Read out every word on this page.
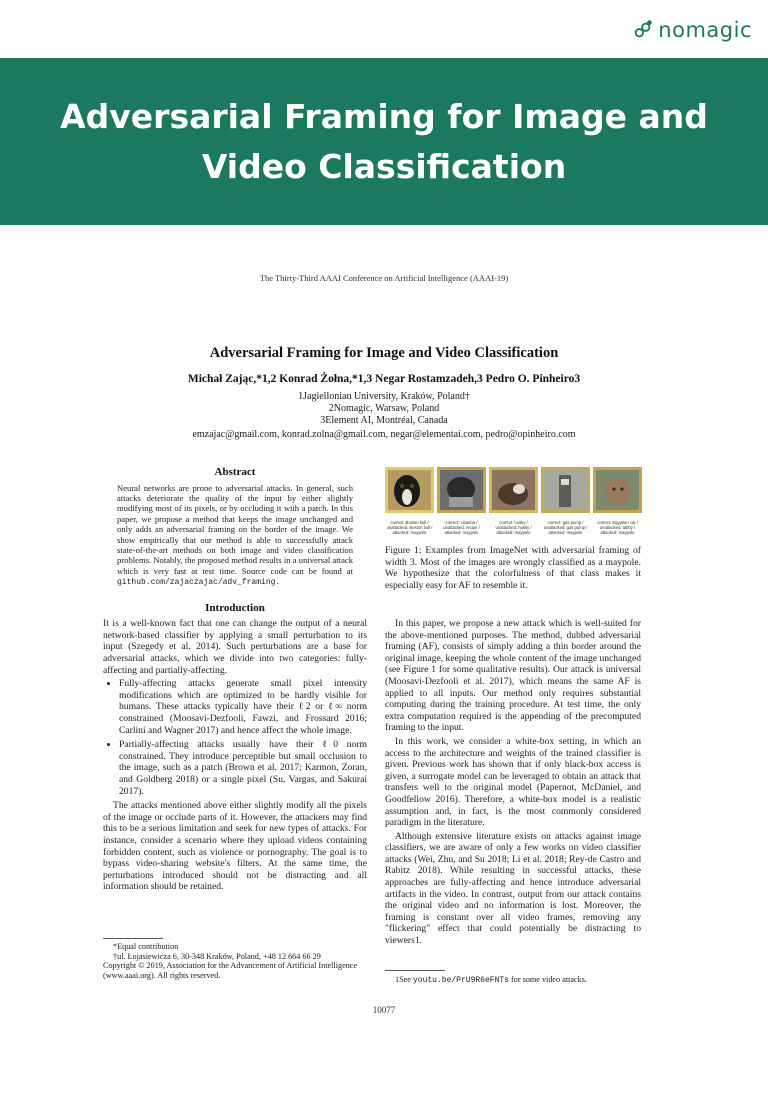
nomagic
Adversarial Framing for Image and Video Classification
The Thirty-Third AAAI Conference on Artificial Intelligence (AAAI-19)
Adversarial Framing for Image and Video Classification
Michał Zając,*1,2 Konrad Żołna,*1,3 Negar Rostamzadeh,3 Pedro O. Pinheiro3
1Jagiellonian University, Kraków, Poland†
2Nomagic, Warsaw, Poland
3Element AI, Montréal, Canada
emzajac@gmail.com, konrad.zolna@gmail.com, negar@elementai.com, pedro@opinheiro.com
Abstract
Neural networks are prone to adversarial attacks. In general, such attacks deteriorate the quality of the input by either slightly modifying most of its pixels, or by occluding it with a patch. In this paper, we propose a method that keeps the image unchanged and only adds an adversarial framing on the border of the image. We show empirically that our method is able to successfully attack state-of-the-art methods on both image and video classification problems. Notably, the proposed method results in a universal attack which is very fast at test time. Source code can be found at github.com/zajaczajac/adv_framing.
Introduction

It is a well-known fact that one can change the output of a neural network-based classifier by applying a small perturbation to its input (Szegedy et al. 2014). Such perturbations are a base for adversarial attacks, which we divide into two categories: fully-affecting and partially-affecting.

• Fully-affecting attacks generate small pixel intensity modifications which are optimized to be hardly visible for humans. These attacks typically have their ℓ2 or ℓ∞ norm constrained (Moosavi-Dezfooli, Fawzi, and Frossard 2016; Carlini and Wagner 2017) and hence affect the whole image.
• Partially-affecting attacks usually have their ℓ0 norm constrained. They introduce perceptible but small occlusion to the image, such as a patch (Brown et al. 2017; Karmon, Zoran, and Goldberg 2018) or a single pixel (Su, Vargas, and Sakurai 2017).

The attacks mentioned above either slightly modify all the pixels of the image or occlude parts of it. However, the attackers may find this to be a serious limitation and seek for new types of attacks. For instance, consider a scenario where they upload videos containing forbidden content, such as violence or pornography. The goal is to bypass video-sharing website's filters. At the same time, the perturbations introduced should not be distracting and all information should be retained.

*Equal contribution
†ul. Łojasiewicza 6, 30-348 Kraków, Poland, +48 12 664 66 29
Copyright © 2019, Association for the Advancement of Artificial Intelligence (www.aaai.org). All rights reserved.
correct: Boston bull / unattacked: Boston bull / attacked: maypole
correct: vicarina / unattacked: recipe / attacked: maypole
correct: husky / unattacked: husky / attacked: maypole
correct: gas pump / unattacked: gas pump / attacked: maypole
correct: Egyptian cat / unattacked: tabby / attacked: maypole
Figure 1: Examples from ImageNet with adversarial framing of width 3. Most of the images are wrongly classified as a maypole. We hypothesize that the colorfulness of that class makes it especially easy for AF to resemble it.

In this paper, we propose a new attack which is well-suited for the above-mentioned purposes. The method, dubbed adversarial framing (AF), consists of simply adding a thin border around the original image, keeping the whole content of the image unchanged (see Figure 1 for some qualitative results). Our attack is universal (Moosavi-Dezfooli et al. 2017), which means the same AF is applied to all inputs. Our method only requires substantial computing during the training procedure. At test time, the only extra computation required is the appending of the precomputed framing to the input.

In this work, we consider a white-box setting, in which an access to the architecture and weights of the trained classifier is given. Previous work has shown that if only black-box access is given, a surrogate model can be leveraged to obtain an attack that transfers well to the original model (Papernot, McDaniel, and Goodfellow 2016). Therefore, a white-box model is a realistic assumption and, in fact, is the most commonly considered paradigm in the literature.

Although extensive literature exists on attacks against image classifiers, we are aware of only a few works on video classifier attacks (Wei, Zhu, and Su 2018; Li et al. 2018; Rey-de Castro and Rabitz 2018). While resulting in successful attacks, these approaches are fully-affecting and hence introduce adversarial artifacts in the video. In contrast, output from our attack contains the original video and no information is lost. Moreover, the framing is constant over all video frames, removing any "flickering" effect that could potentially be distracting to viewers1.

1See youtu.be/PrU9R6eFNTs for some video attacks.
10077
